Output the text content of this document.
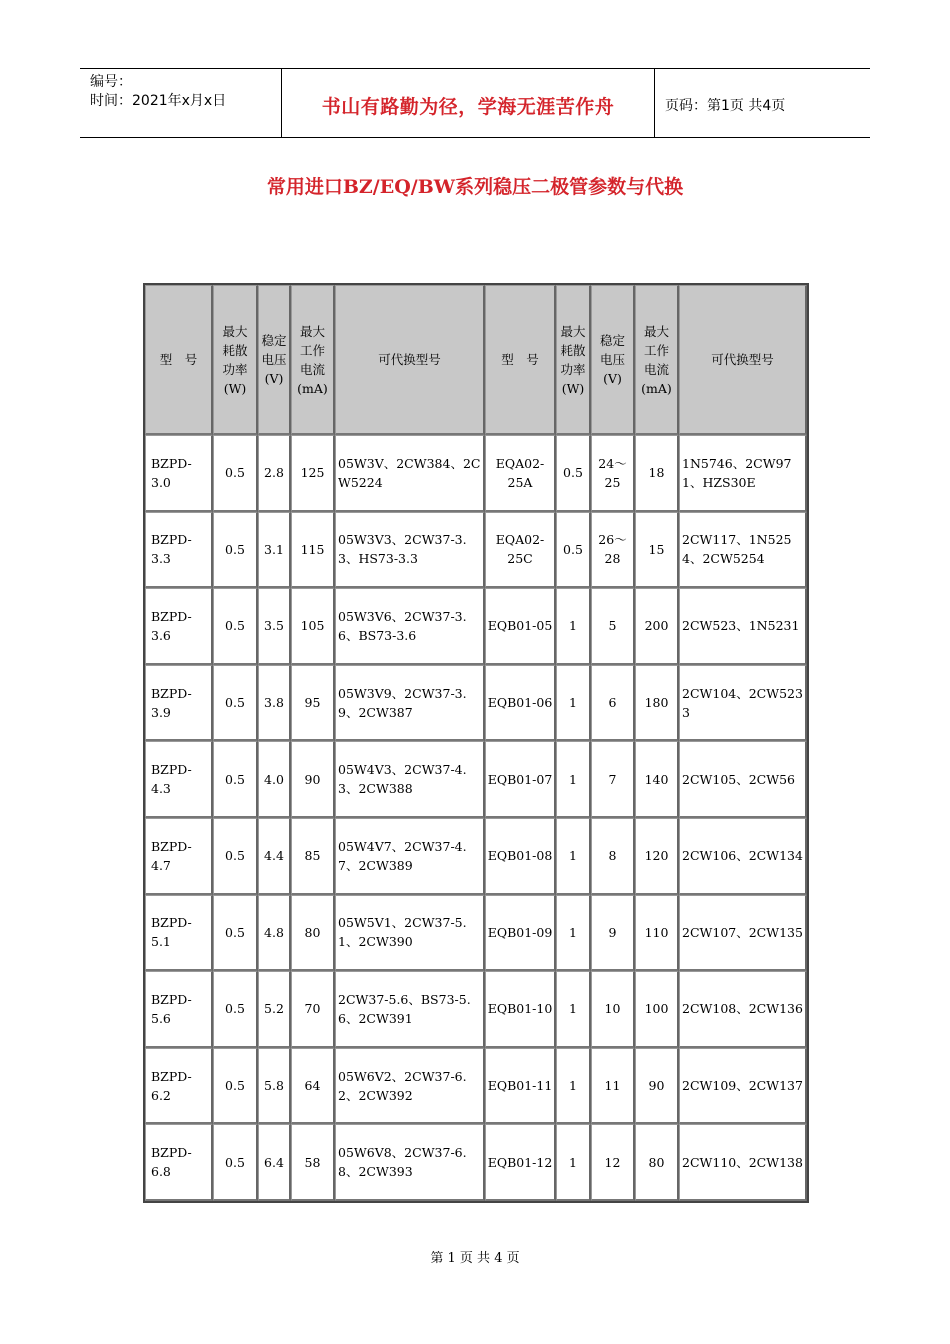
编号：
时间：2021年x月x日	书山有路勤为径，学海无涯苦作舟	页码：第1页 共4页
常用进口BZ/EQ/BW系列稳压二极管参数与代换
型　号	最大
耗散
功率
(W)	稳定
电压
(V)	最大
工作
电流
(mA)	可代换型号	型　号	最大
耗散
功率
(W)	稳定
电压
(V)	最大
工作
电流
(mA)	可代换型号
BZPD-3.0	0.5	2.8	125	05W3V、2CW384、2CW5224	EQA02-25A	0.5	24～25	18	1N5746、2CW971、HZS30E
BZPD-3.3	0.5	3.1	115	05W3V3、2CW37-3.3、HS73-3.3	EQA02-25C	0.5	26～28	15	2CW117、1N5254、2CW5254
BZPD-3.6	0.5	3.5	105	05W3V6、2CW37-3.6、BS73-3.6	EQB01-05	1	5	200	2CW523、1N5231
BZPD-3.9	0.5	3.8	95	05W3V9、2CW37-3.9、2CW387	EQB01-06	1	6	180	2CW104、2CW5233
BZPD-4.3	0.5	4.0	90	05W4V3、2CW37-4.3、2CW388	EQB01-07	1	7	140	2CW105、2CW56
BZPD-4.7	0.5	4.4	85	05W4V7、2CW37-4.7、2CW389	EQB01-08	1	8	120	2CW106、2CW134
BZPD-5.1	0.5	4.8	80	05W5V1、2CW37-5.1、2CW390	EQB01-09	1	9	110	2CW107、2CW135
BZPD-5.6	0.5	5.2	70	2CW37-5.6、BS73-5.6、2CW391	EQB01-10	1	10	100	2CW108、2CW136
BZPD-6.2	0.5	5.8	64	05W6V2、2CW37-6.2、2CW392	EQB01-11	1	11	90	2CW109、2CW137
BZPD-6.8	0.5	6.4	58	05W6V8、2CW37-6.8、2CW393	EQB01-12	1	12	80	2CW110、2CW138
第 1 页 共 4 页
